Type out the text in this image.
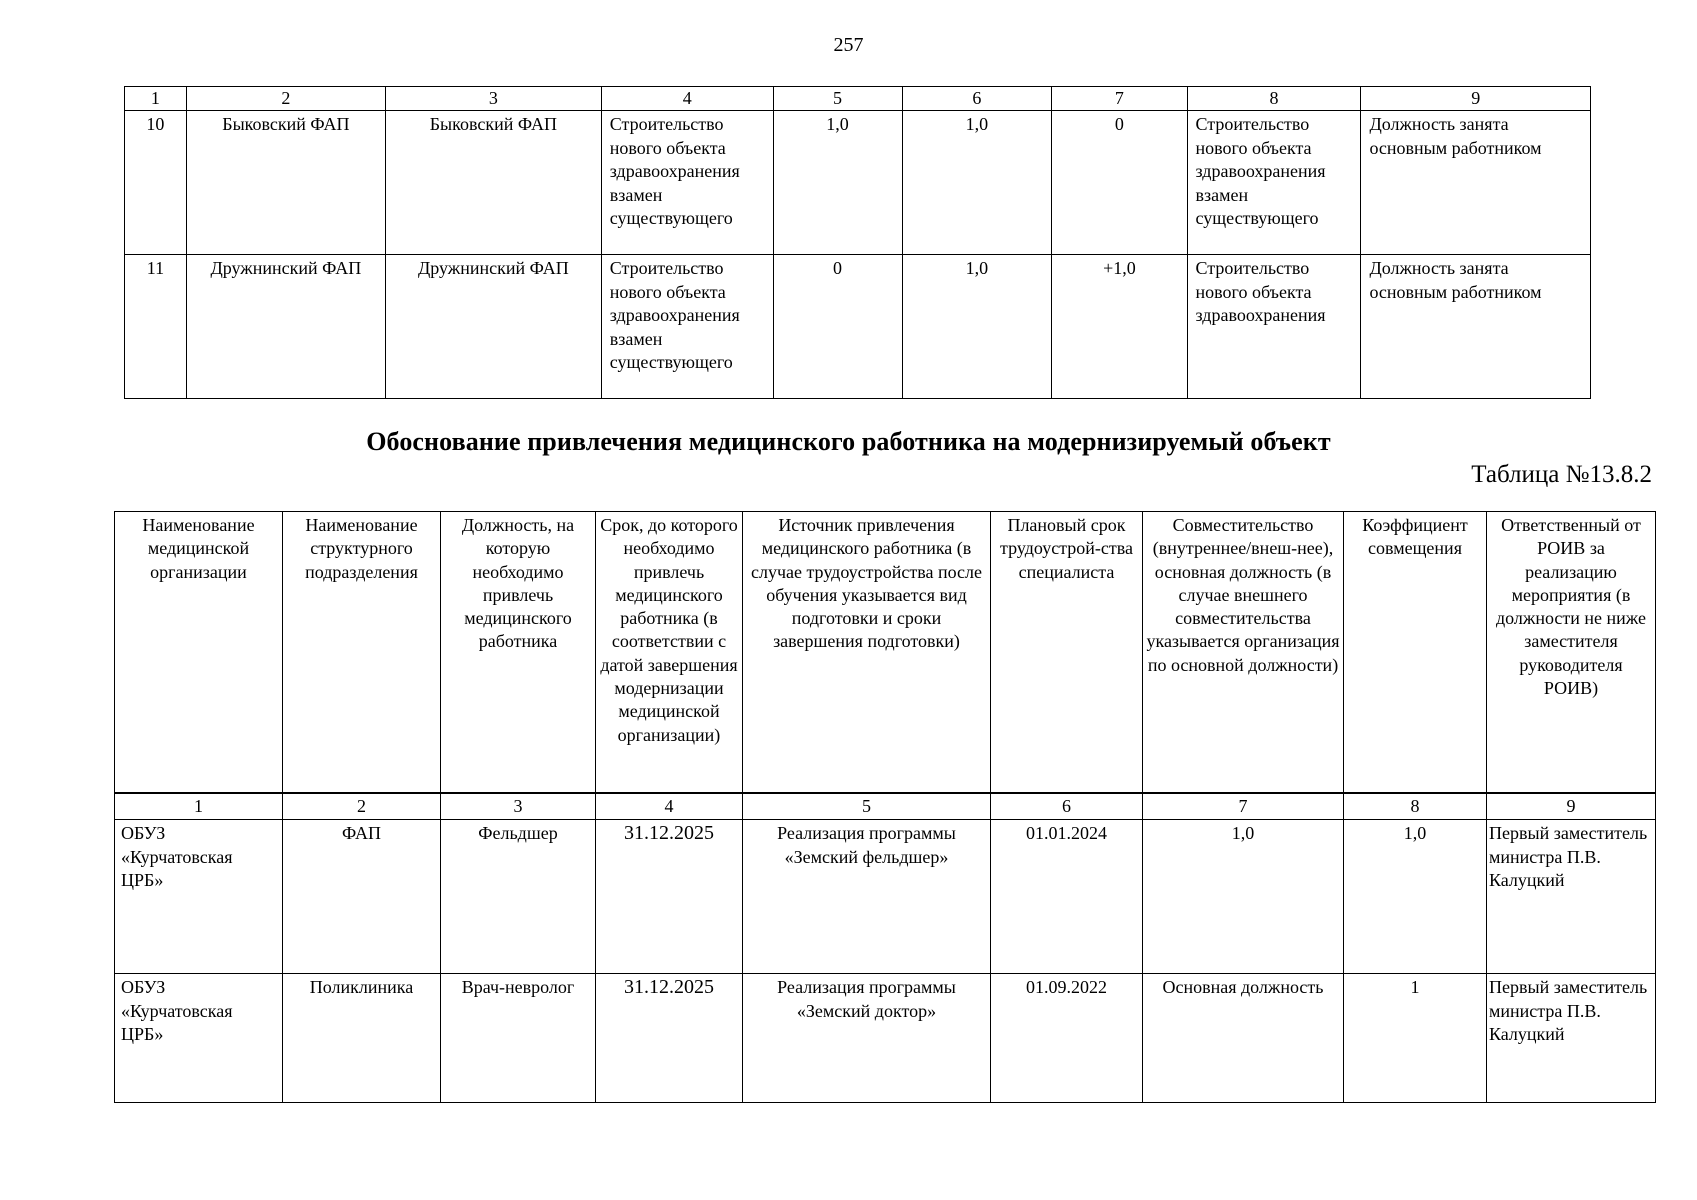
257
1	2	3	4	5	6	7	8	9
10	Быковский ФАП	Быковский ФАП	Строительство нового объекта здравоохранения взамен существующего	1,0	1,0	0	Строительство нового объекта здравоохранения взамен существующего	Должность занята основным работником
11	Дружнинский ФАП	Дружнинский ФАП	Строительство нового объекта здравоохранения взамен существующего	0	1,0	+1,0	Строительство нового объекта здравоохранения	Должность занята основным работником
Обоснование привлечения медицинского работника на модернизируемый объект
Таблица №13.8.2
Наименование медицинской организации	Наименование структурного подразделения	Должность, на которую необходимо привлечь медицинского работника	Срок, до которого необходимо привлечь медицинского работника (в соответствии с датой завершения модернизации медицинской организации)	Источник привлечения медицинского работника (в случае трудоустройства после обучения указывается вид подготовки и сроки завершения подготовки)	Плановый срок трудоустрой-ства специалиста	Совместительство (внутреннее/внеш-нее), основная должность (в случае внешнего совместительства указывается организация по основной должности)	Коэффициент совмещения	Ответственный от РОИВ за реализацию мероприятия (в должности не ниже заместителя руководителя РОИВ)
1	2	3	4	5	6	7	8	9
ОБУЗ «Курчатовская ЦРБ»	ФАП	Фельдшер	31.12.2025	Реализация программы «Земский фельдшер»	01.01.2024	1,0	1,0	Первый заместитель министра П.В. Калуцкий
ОБУЗ «Курчатовская ЦРБ»	Поликлиника	Врач-невролог	31.12.2025	Реализация программы «Земский доктор»	01.09.2022	Основная должность	1	Первый заместитель министра П.В. Калуцкий
